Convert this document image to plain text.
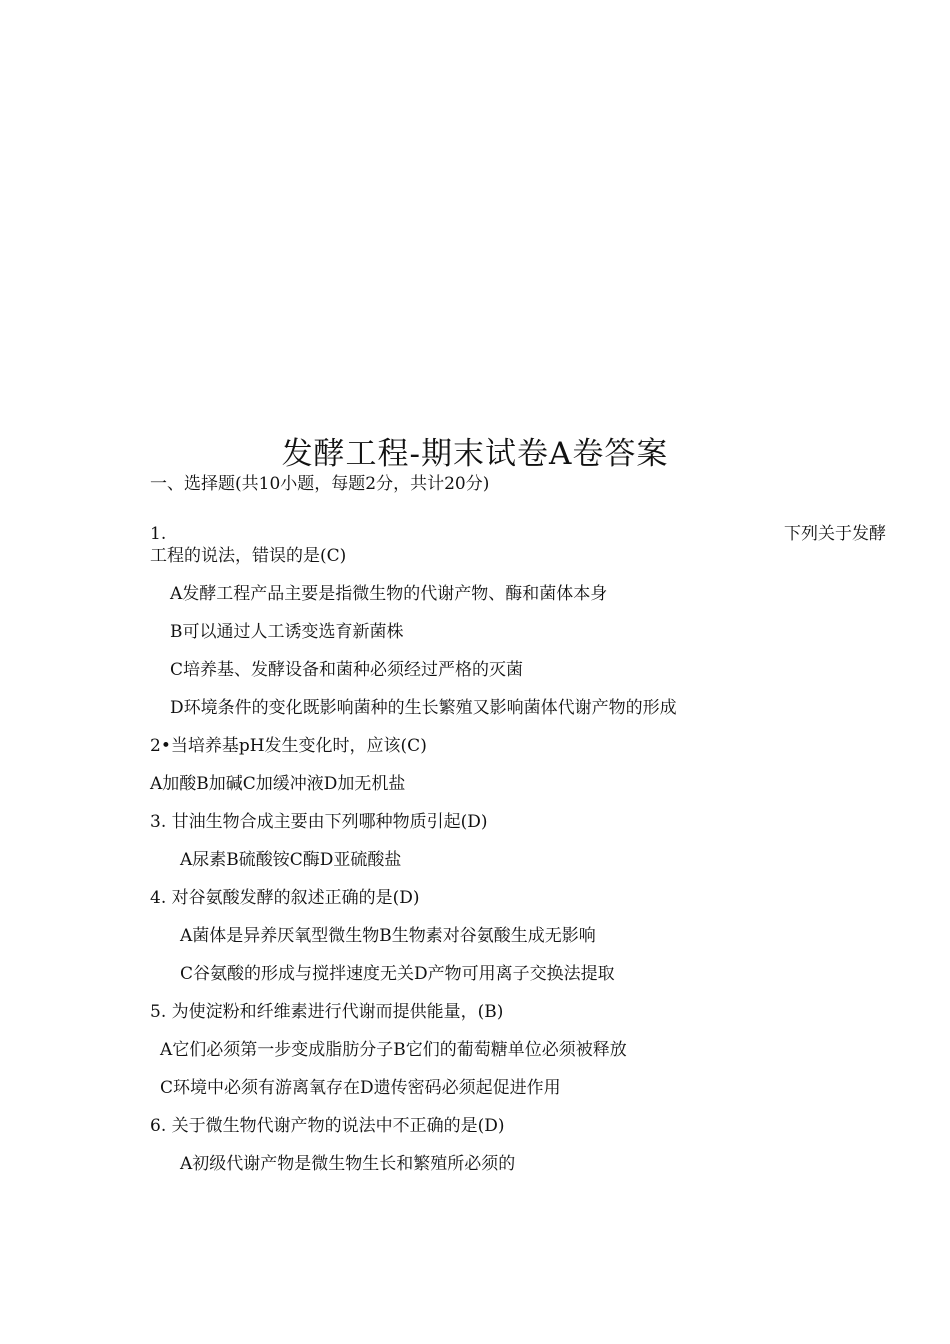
发酵工程-期末试卷A卷答案
一、选择题(共10小题，每题2分，共计20分)
1.	下列关于发酵
工程的说法，错误的是(C)
A发酵工程产品主要是指微生物的代谢产物、酶和菌体本身
B可以通过人工诱变选育新菌株
C培养基、发酵设备和菌种必须经过严格的灭菌
D环境条件的变化既影响菌种的生长繁殖又影响菌体代谢产物的形成
2•当培养基pH发生变化时，应该(C)
A加酸B加碱C加缓冲液D加无机盐
3. 甘油生物合成主要由下列哪种物质引起(D)
A尿素B硫酸铵C酶D亚硫酸盐
4. 对谷氨酸发酵的叙述正确的是(D)
A菌体是异养厌氧型微生物B生物素对谷氨酸生成无影响
C谷氨酸的形成与搅拌速度无关D产物可用离子交换法提取
5. 为使淀粉和纤维素进行代谢而提供能量，(B)
A它们必须第一步变成脂肪分子B它们的葡萄糖单位必须被释放
C环境中必须有游离氧存在D遗传密码必须起促进作用
6. 关于微生物代谢产物的说法中不正确的是(D)
A初级代谢产物是微生物生长和繁殖所必须的
